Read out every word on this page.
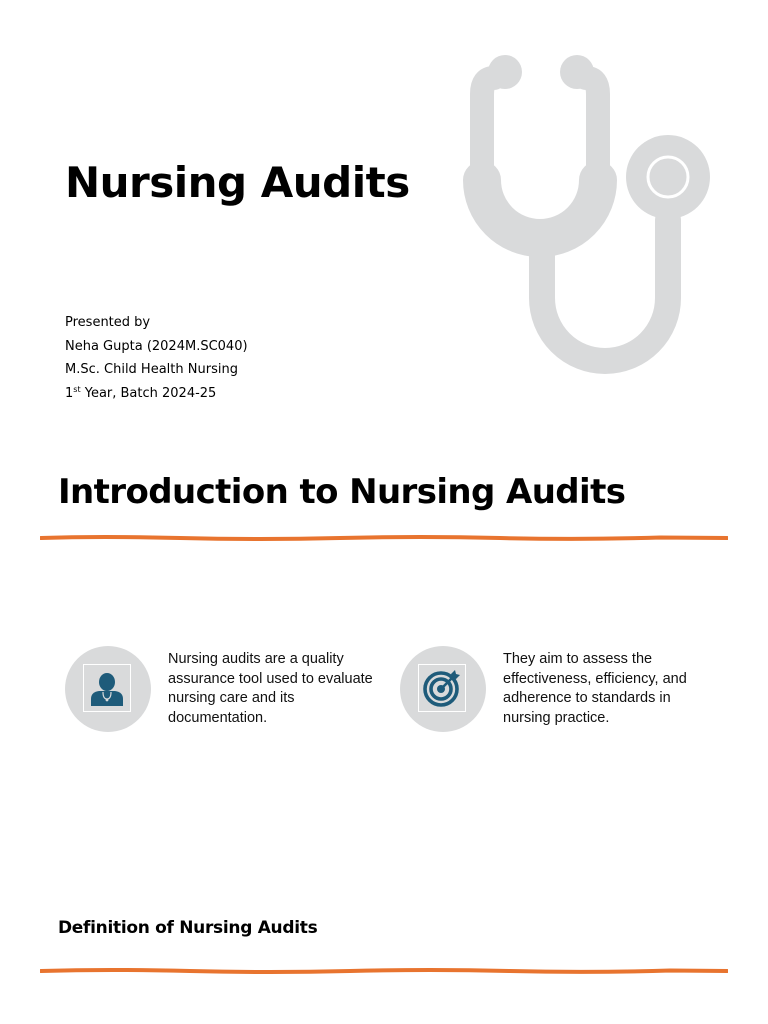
Nursing Audits
Presented by
Neha Gupta (2024M.SC040)
M.Sc. Child Health Nursing
1st Year, Batch 2024-25
Introduction to Nursing Audits
Nursing audits are a quality assurance tool used to evaluate nursing care and its documentation.
They aim to assess the effectiveness, efficiency, and adherence to standards in nursing practice.
Definition of Nursing Audits
